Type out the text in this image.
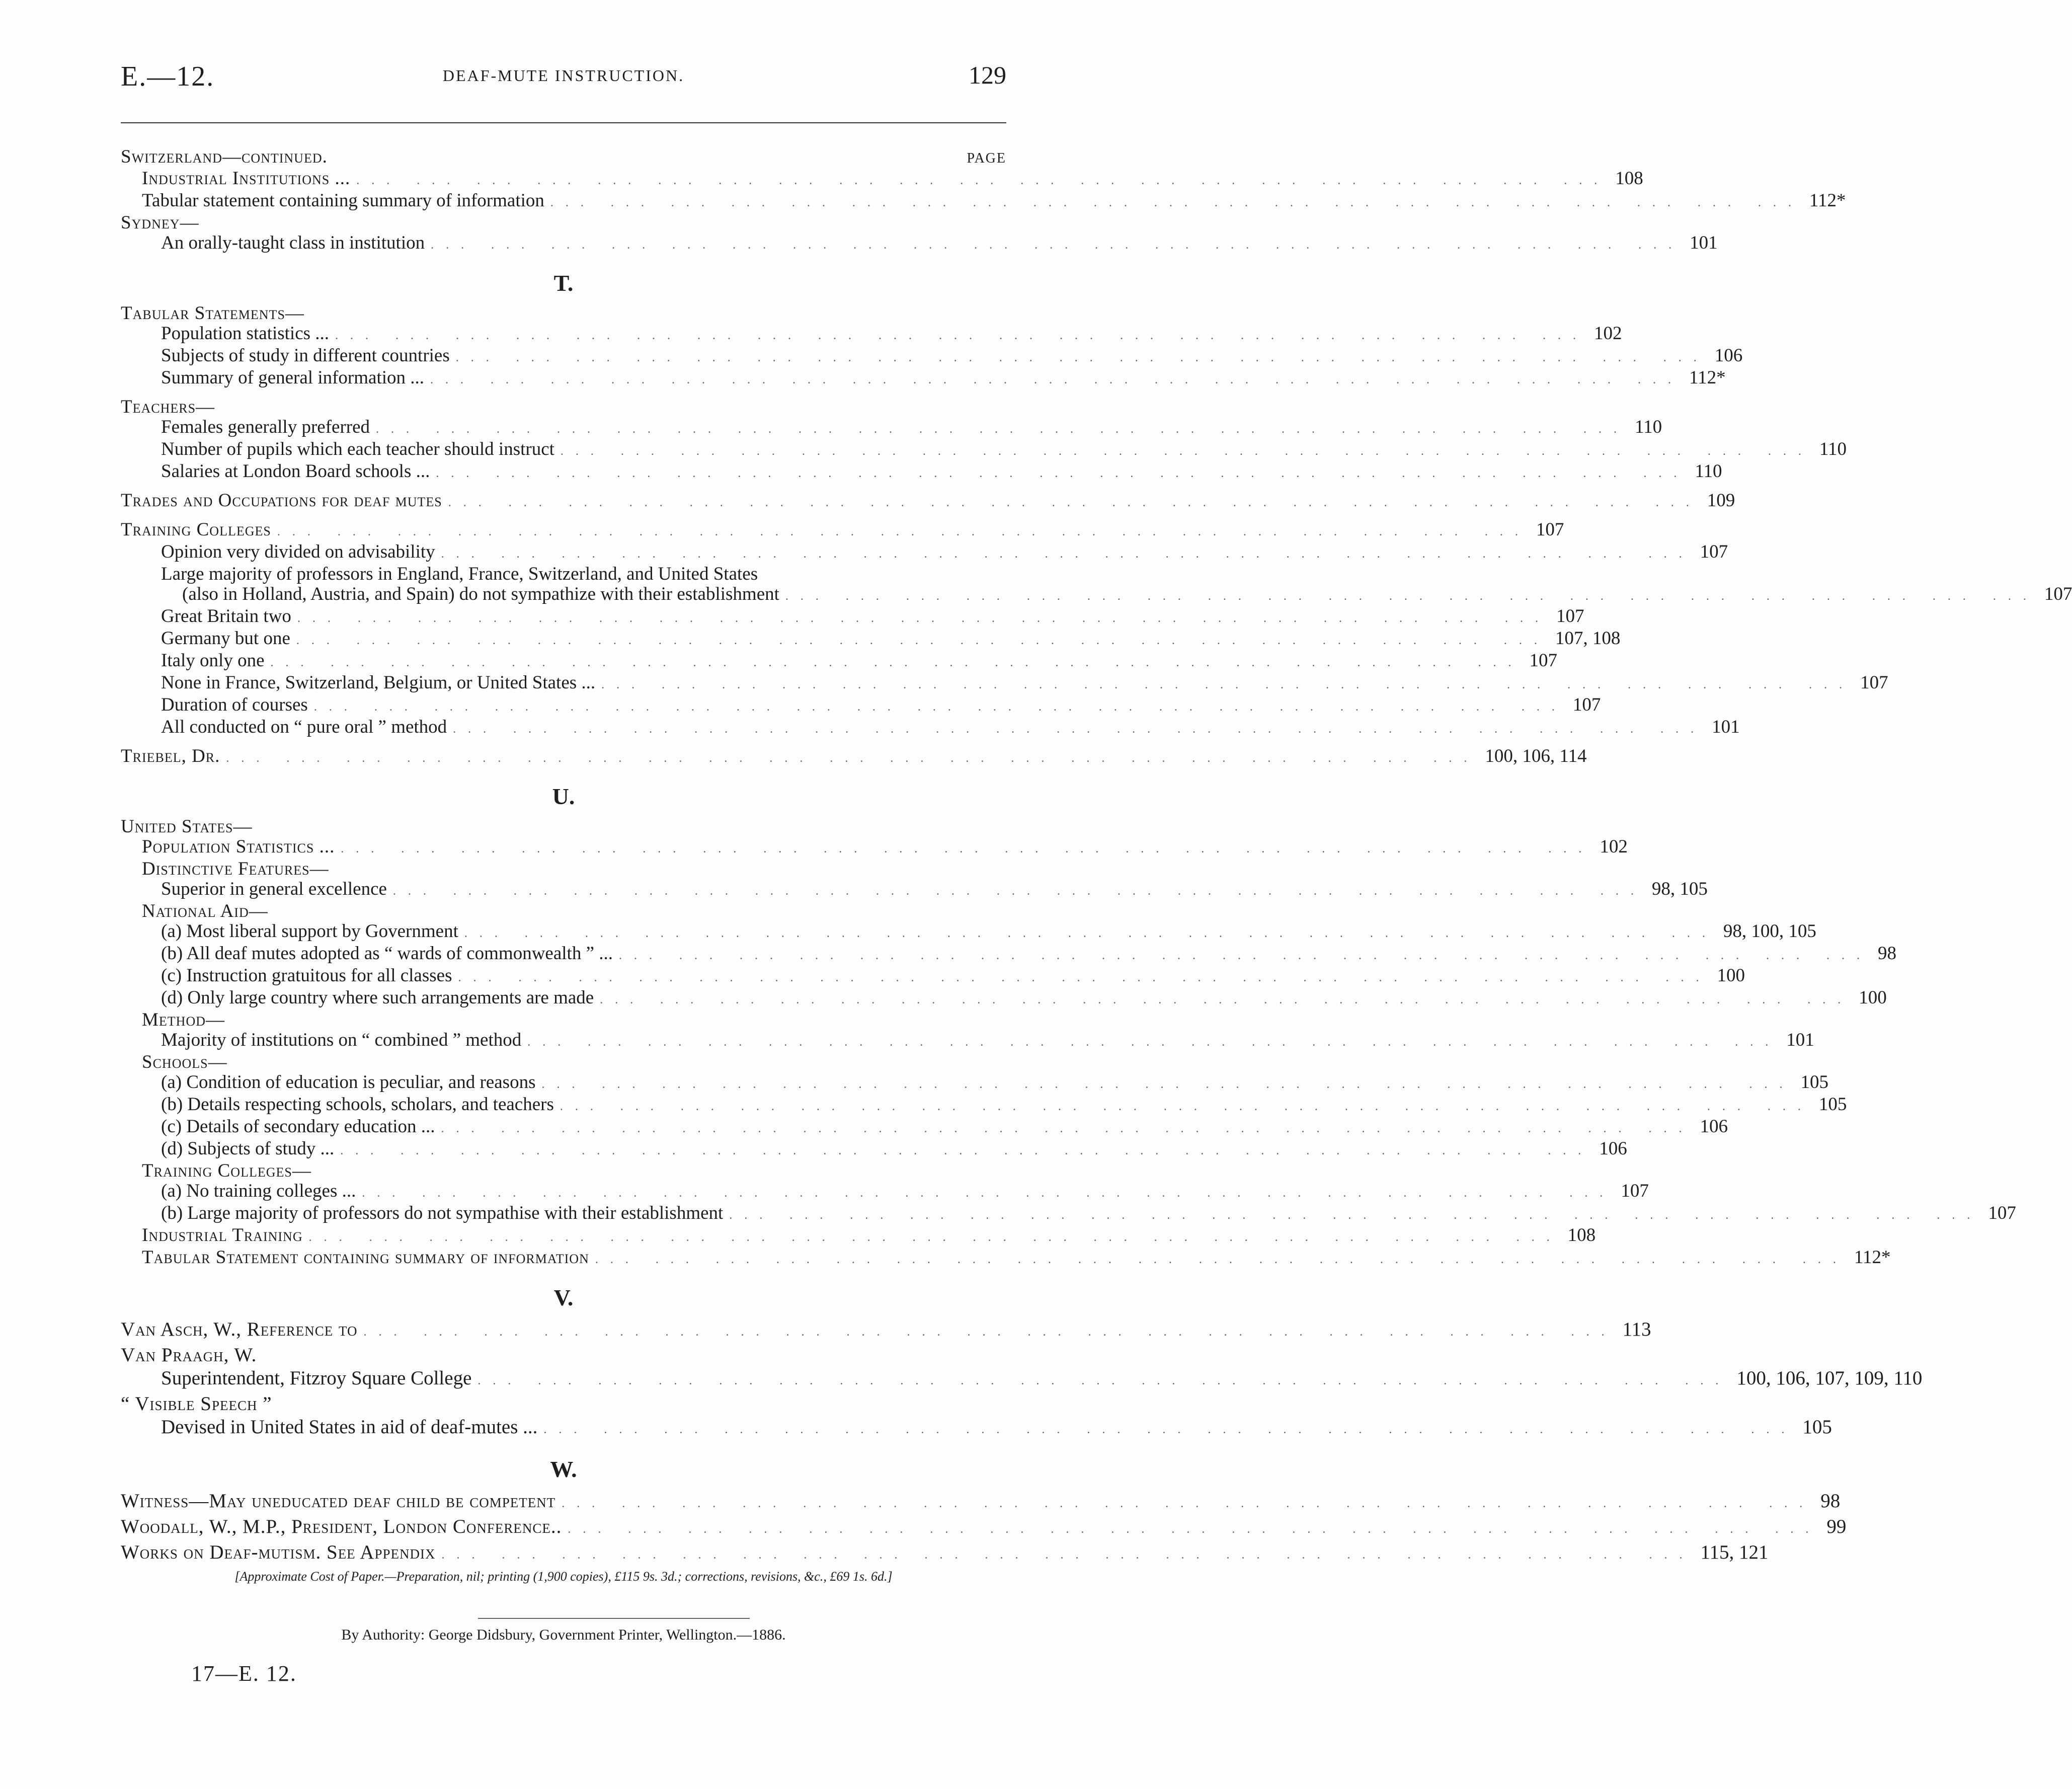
E.—12.	DEAF-MUTE INSTRUCTION.	129
Switzerland—continued.	PAGE
Industrial Institutions ... ... .	108
Tabular statement containing summary of information ... .	112*
Sydney—
An orally-taught class in institution ... .	101
T.
Tabular Statements—
Population statistics ... ... .	102
Subjects of study in different countries ... .	106
Summary of general information ... ... .	112*
Teachers—
Females generally preferred ... .	110
Number of pupils which each teacher should instruct ... .	110
Salaries at London Board schools ... ... .	110
Trades and Occupations for deaf mutes ... .	109
Training Colleges ... .	107
Opinion very divided on advisability ... .	107
Large majority of professors in England, France, Switzerland, and United States
(also in Holland, Austria, and Spain) do not sympathize with their establishment ... .	107
Great Britain two ... .	107
Germany but one ... .	107, 108
Italy only one ... .	107
None in France, Switzerland, Belgium, or United States ... ... .	107
Duration of courses ... .	107
All conducted on “ pure oral ” method ... .	101
Triebel, Dr. ... .	100, 106, 114
U.
United States—
Population Statistics ... ... .	102
Distinctive Features—
Superior in general excellence ... .	98, 105
National Aid—
(a) Most liberal support by Government ... .	98, 100, 105
(b) All deaf mutes adopted as “ wards of commonwealth ” ... ... .	98
(c) Instruction gratuitous for all classes ... .	100
(d) Only large country where such arrangements are made ... .	100
Method—
Majority of institutions on “ combined ” method ... .	101
Schools—
(a) Condition of education is peculiar, and reasons ... .	105
(b) Details respecting schools, scholars, and teachers ... .	105
(c) Details of secondary education ... ... .	106
(d) Subjects of study ... ... .	106
Training Colleges—
(a) No training colleges ... ... .	107
(b) Large majority of professors do not sympathise with their establishment ... .	107
Industrial Training ... .	108
Tabular Statement containing summary of information ... .	112*
V.
Van Asch, W., Reference to ... .	113
Van Praagh, W.
Superintendent, Fitzroy Square College ... .	100, 106, 107, 109, 110
“ Visible Speech ”
Devised in United States in aid of deaf-mutes ... ... .	105
W.
Witness—May uneducated deaf child be competent ... .	98
Woodall, W., M.P., President, London Conference.. ... .	99
Works on Deaf-mutism. See Appendix ... .	115, 121
[Approximate Cost of Paper.—Preparation, nil; printing (1,900 copies), £115 9s. 3d.; corrections, revisions, &c., £69 1s. 6d.]
By Authority: George Didsbury, Government Printer, Wellington.—1886.
17—E. 12.
